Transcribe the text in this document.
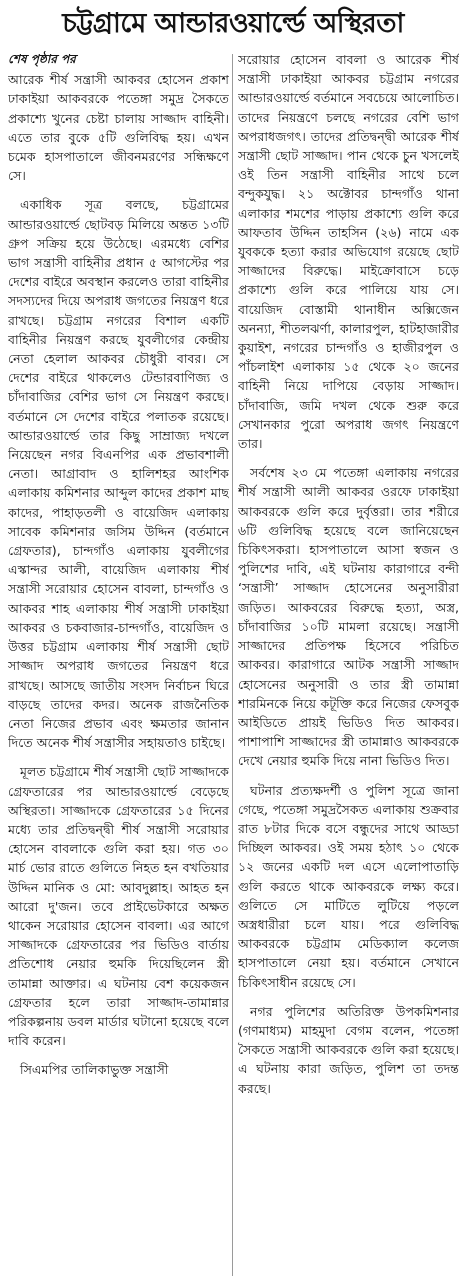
চট্টগ্রামে আন্ডারওয়ার্ল্ডে অস্থিরতা
শেষ পৃষ্ঠার পর

আরেক শীর্ষ সন্ত্রাসী আকবর হোসেন প্রকাশ ঢাকাইয়া আকবরকে পতেঙ্গা সমুদ্র সৈকতে প্রকাশ্যে খুনের চেষ্টা চালায় সাজ্জাদ বাহিনী। এতে তার বুকে ৫টি গুলিবিদ্ধ হয়। এখন চমেক হাসপাতালে জীবনমরণের সন্ধিক্ষণে সে।

একাধিক সূত্র বলছে, চট্টগ্রামের আন্ডারওয়ার্ল্ডে ছোটবড় মিলিয়ে অন্তত ১৩টি গ্রুপ সক্রিয় হয়ে উঠেছে। এরমধ্যে বেশির ভাগ সন্ত্রাসী বাহিনীর প্রধান ৫ আগস্টের পর দেশের বাইরে অবস্থান করলেও তারা বাহিনীর সদস্যদের দিয়ে অপরাধ জগতের নিয়ন্ত্রণ ধরে রাখছে। চট্টগ্রাম নগরের বিশাল একটি বাহিনীর নিয়ন্ত্রণ করছে যুবলীগের কেন্দ্রীয় নেতা হেলাল আকবর চৌধুরী বাবর। সে দেশের বাইরে থাকলেও টেন্ডারবাণিজ্য ও চাঁদাবাজির বেশির ভাগ সে নিয়ন্ত্রণ করছে। বর্তমানে সে দেশের বাইরে পলাতক রয়েছে। আন্ডারওয়ার্ল্ডে তার কিছু সাম্রাজ্য দখলে নিয়েছেন নগর বিএনপির এক প্রভাবশালী নেতা। আগ্রাবাদ ও হালিশহর আংশিক এলাকায় কমিশনার আব্দুল কাদের প্রকাশ মাছ কাদের, পাহাড়তলী ও বায়েজিদ এলাকায় সাবেক কমিশনার জসিম উদ্দিন (বর্তমানে গ্রেফতার), চান্দগাঁও এলাকায় যুবলীগের এস্কান্দর আলী, বায়েজিদ এলাকায় শীর্ষ সন্ত্রাসী সরোয়ার হোসেন বাবলা, চান্দগাঁও ও আকবর শাহ এলাকায় শীর্ষ সন্ত্রাসী ঢাকাইয়া আকবর ও চকবাজার-চান্দগাঁও, বায়েজিদ ও উত্তর চট্টগ্রাম এলাকায় শীর্ষ সন্ত্রাসী ছোট সাজ্জাদ অপরাধ জগতের নিয়ন্ত্রণ ধরে রাখছে। আসছে জাতীয় সংসদ নির্বাচন ঘিরে বাড়ছে তাদের কদর। অনেক রাজনৈতিক নেতা নিজের প্রভাব এবং ক্ষমতার জানান দিতে অনেক শীর্ষ সন্ত্রাসীর সহায়তাও চাইছে।

মূলত চট্টগ্রামে শীর্ষ সন্ত্রাসী ছোট সাজ্জাদকে গ্রেফতারের পর আন্ডারওয়ার্ল্ডে বেড়েছে অস্থিরতা। সাজ্জাদকে গ্রেফতারের ১৫ দিনের মধ্যে তার প্রতিদ্বন্দ্বী শীর্ষ সন্ত্রাসী সরোয়ার হোসেন বাবলাকে গুলি করা হয়। গত ৩০ মার্চ ভোর রাতে গুলিতে নিহত হন বখতিয়ার উদ্দিন মানিক ও মো: আবদুল্লাহ। আহত হন আরো দু'জন। তবে প্রাইভেটকারে অক্ষত থাকেন সরোয়ার হোসেন বাবলা। এর আগে সাজ্জাদকে গ্রেফতারের পর ভিডিও বার্তায় প্রতিশোধ নেয়ার হুমকি দিয়েছিলেন স্ত্রী তামান্না আক্তার। এ ঘটনায় বেশ কয়েকজন গ্রেফতার হলে তারা সাজ্জাদ-তামান্নার পরিকল্পনায় ডবল মার্ডার ঘটানো হয়েছে বলে দাবি করেন।

সিএমপির তালিকাভুক্ত সন্ত্রাসী

সরোয়ার হোসেন বাবলা ও আরেক শীর্ষ সন্ত্রাসী ঢাকাইয়া আকবর চট্টগ্রাম নগরের আন্ডারওয়ার্ল্ডে বর্তমানে সবচেয়ে আলোচিত। তাদের নিয়ন্ত্রণে চলছে নগরের বেশি ভাগ অপরাধজগৎ। তাদের প্রতিদ্বন্দ্বী আরেক শীর্ষ সন্ত্রাসী ছোট সাজ্জাদ। পান থেকে চুন খসলেই ওই তিন সন্ত্রাসী বাহিনীর সাথে চলে বন্দুকযুদ্ধ। ২১ অক্টোবর চান্দগাঁও থানা এলাকার শমশের পাড়ায় প্রকাশ্যে গুলি করে আফতাব উদ্দিন তাহসিন (২৬) নামে এক যুবককে হত্যা করার অভিযোগ রয়েছে ছোট সাজ্জাদের বিরুদ্ধে। মাইক্রোবাসে চড়ে প্রকাশ্যে গুলি করে পালিয়ে যায় সে। বায়েজিদ বোস্তামী থানাধীন অক্সিজেন অনন্যা, শীতলঝর্ণা, কালারপুল, হাটহাজারীর কুয়াইশ, নগরের চান্দগাঁও ও হাজীরপুল ও পাঁচলাইশ এলাকায় ১৫ থেকে ২০ জনের বাহিনী নিয়ে দাপিয়ে বেড়ায় সাজ্জাদ। চাঁদাবাজি, জমি দখল থেকে শুরু করে সেখানকার পুরো অপরাধ জগৎ নিয়ন্ত্রণে তার।

সর্বশেষ ২৩ মে পতেঙ্গা এলাকায় নগরের শীর্ষ সন্ত্রাসী আলী আকবর ওরফে ঢাকাইয়া আকবরকে গুলি করে দুর্বৃত্তরা। তার শরীরে ৬টি গুলিবিদ্ধ হয়েছে বলে জানিয়েছেন চিকিৎসকরা। হাসপাতালে আসা স্বজন ও পুলিশের দাবি, এই ঘটনায় কারাগারে বন্দী ‘সন্ত্রাসী’ সাজ্জাদ হোসেনের অনুসারীরা জড়িত। আকবরের বিরুদ্ধে হত্যা, অস্ত্র, চাঁদাবাজির ১০টি মামলা রয়েছে। সন্ত্রাসী সাজ্জাদের প্রতিপক্ষ হিসেবে পরিচিত আকবর। কারাগারে আটক সন্ত্রাসী সাজ্জাদ হোসেনের অনুসারী ও তার স্ত্রী তামান্না শারমিনকে নিয়ে কটূক্তি করে নিজের ফেসবুক আইডিতে প্রায়ই ভিডিও দিত আকবর। পাশাপাশি সাজ্জাদের স্ত্রী তামান্নাও আকবরকে দেখে নেয়ার হুমকি দিয়ে নানা ভিডিও দিত।

ঘটনার প্রত্যক্ষদর্শী ও পুলিশ সূত্রে জানা গেছে, পতেঙ্গা সমুদ্রসৈকত এলাকায় শুক্রবার রাত ৮টার দিকে বসে বন্ধুদের সাথে আড্ডা দিচ্ছিল আকবর। ওই সময় হঠাৎ ১০ থেকে ১২ জনের একটি দল এসে এলোপাতাড়ি গুলি করতে থাকে আকবরকে লক্ষ্য করে। গুলিতে সে মাটিতে লুটিয়ে পড়লে অস্ত্রধারীরা চলে যায়। পরে গুলিবিদ্ধ আকবরকে চট্টগ্রাম মেডিক্যাল কলেজ হাসপাতালে নেয়া হয়। বর্তমানে সেখানে চিকিৎসাধীন রয়েছে সে।

নগর পুলিশের অতিরিক্ত উপকমিশনার (গণমাধ্যম) মাহমুদা বেগম বলেন, পতেঙ্গা সৈকতে সন্ত্রাসী আকবরকে গুলি করা হয়েছে। এ ঘটনায় কারা জড়িত, পুলিশ তা তদন্ত করছে।
